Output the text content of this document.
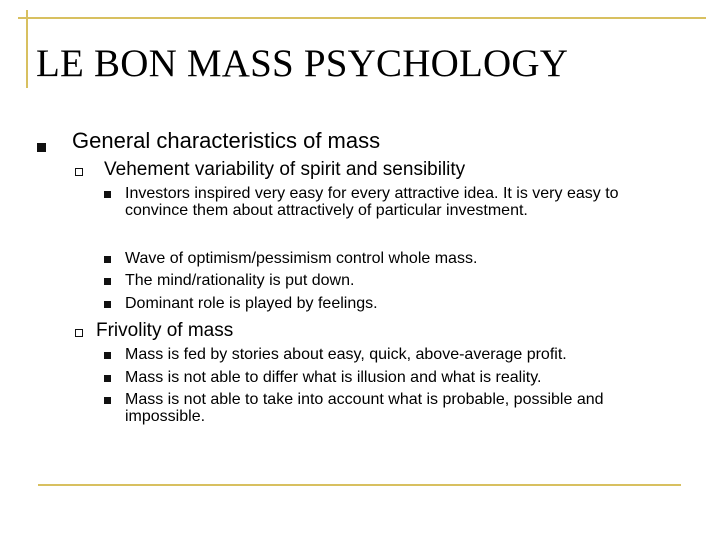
LE BON MASS PSYCHOLOGY
General characteristics of mass
Vehement variability of spirit and sensibility
Investors inspired very easy for every attractive idea. It is very easy to convince them about attractively of particular investment.
Wave of optimism/pessimism control whole mass.
The mind/rationality is put down.
Dominant role is played by feelings.
Frivolity of mass
Mass is fed by stories about easy, quick, above-average profit.
Mass is not able to differ what is illusion and what is reality.
Mass is not able to take into account what is probable, possible and impossible.
